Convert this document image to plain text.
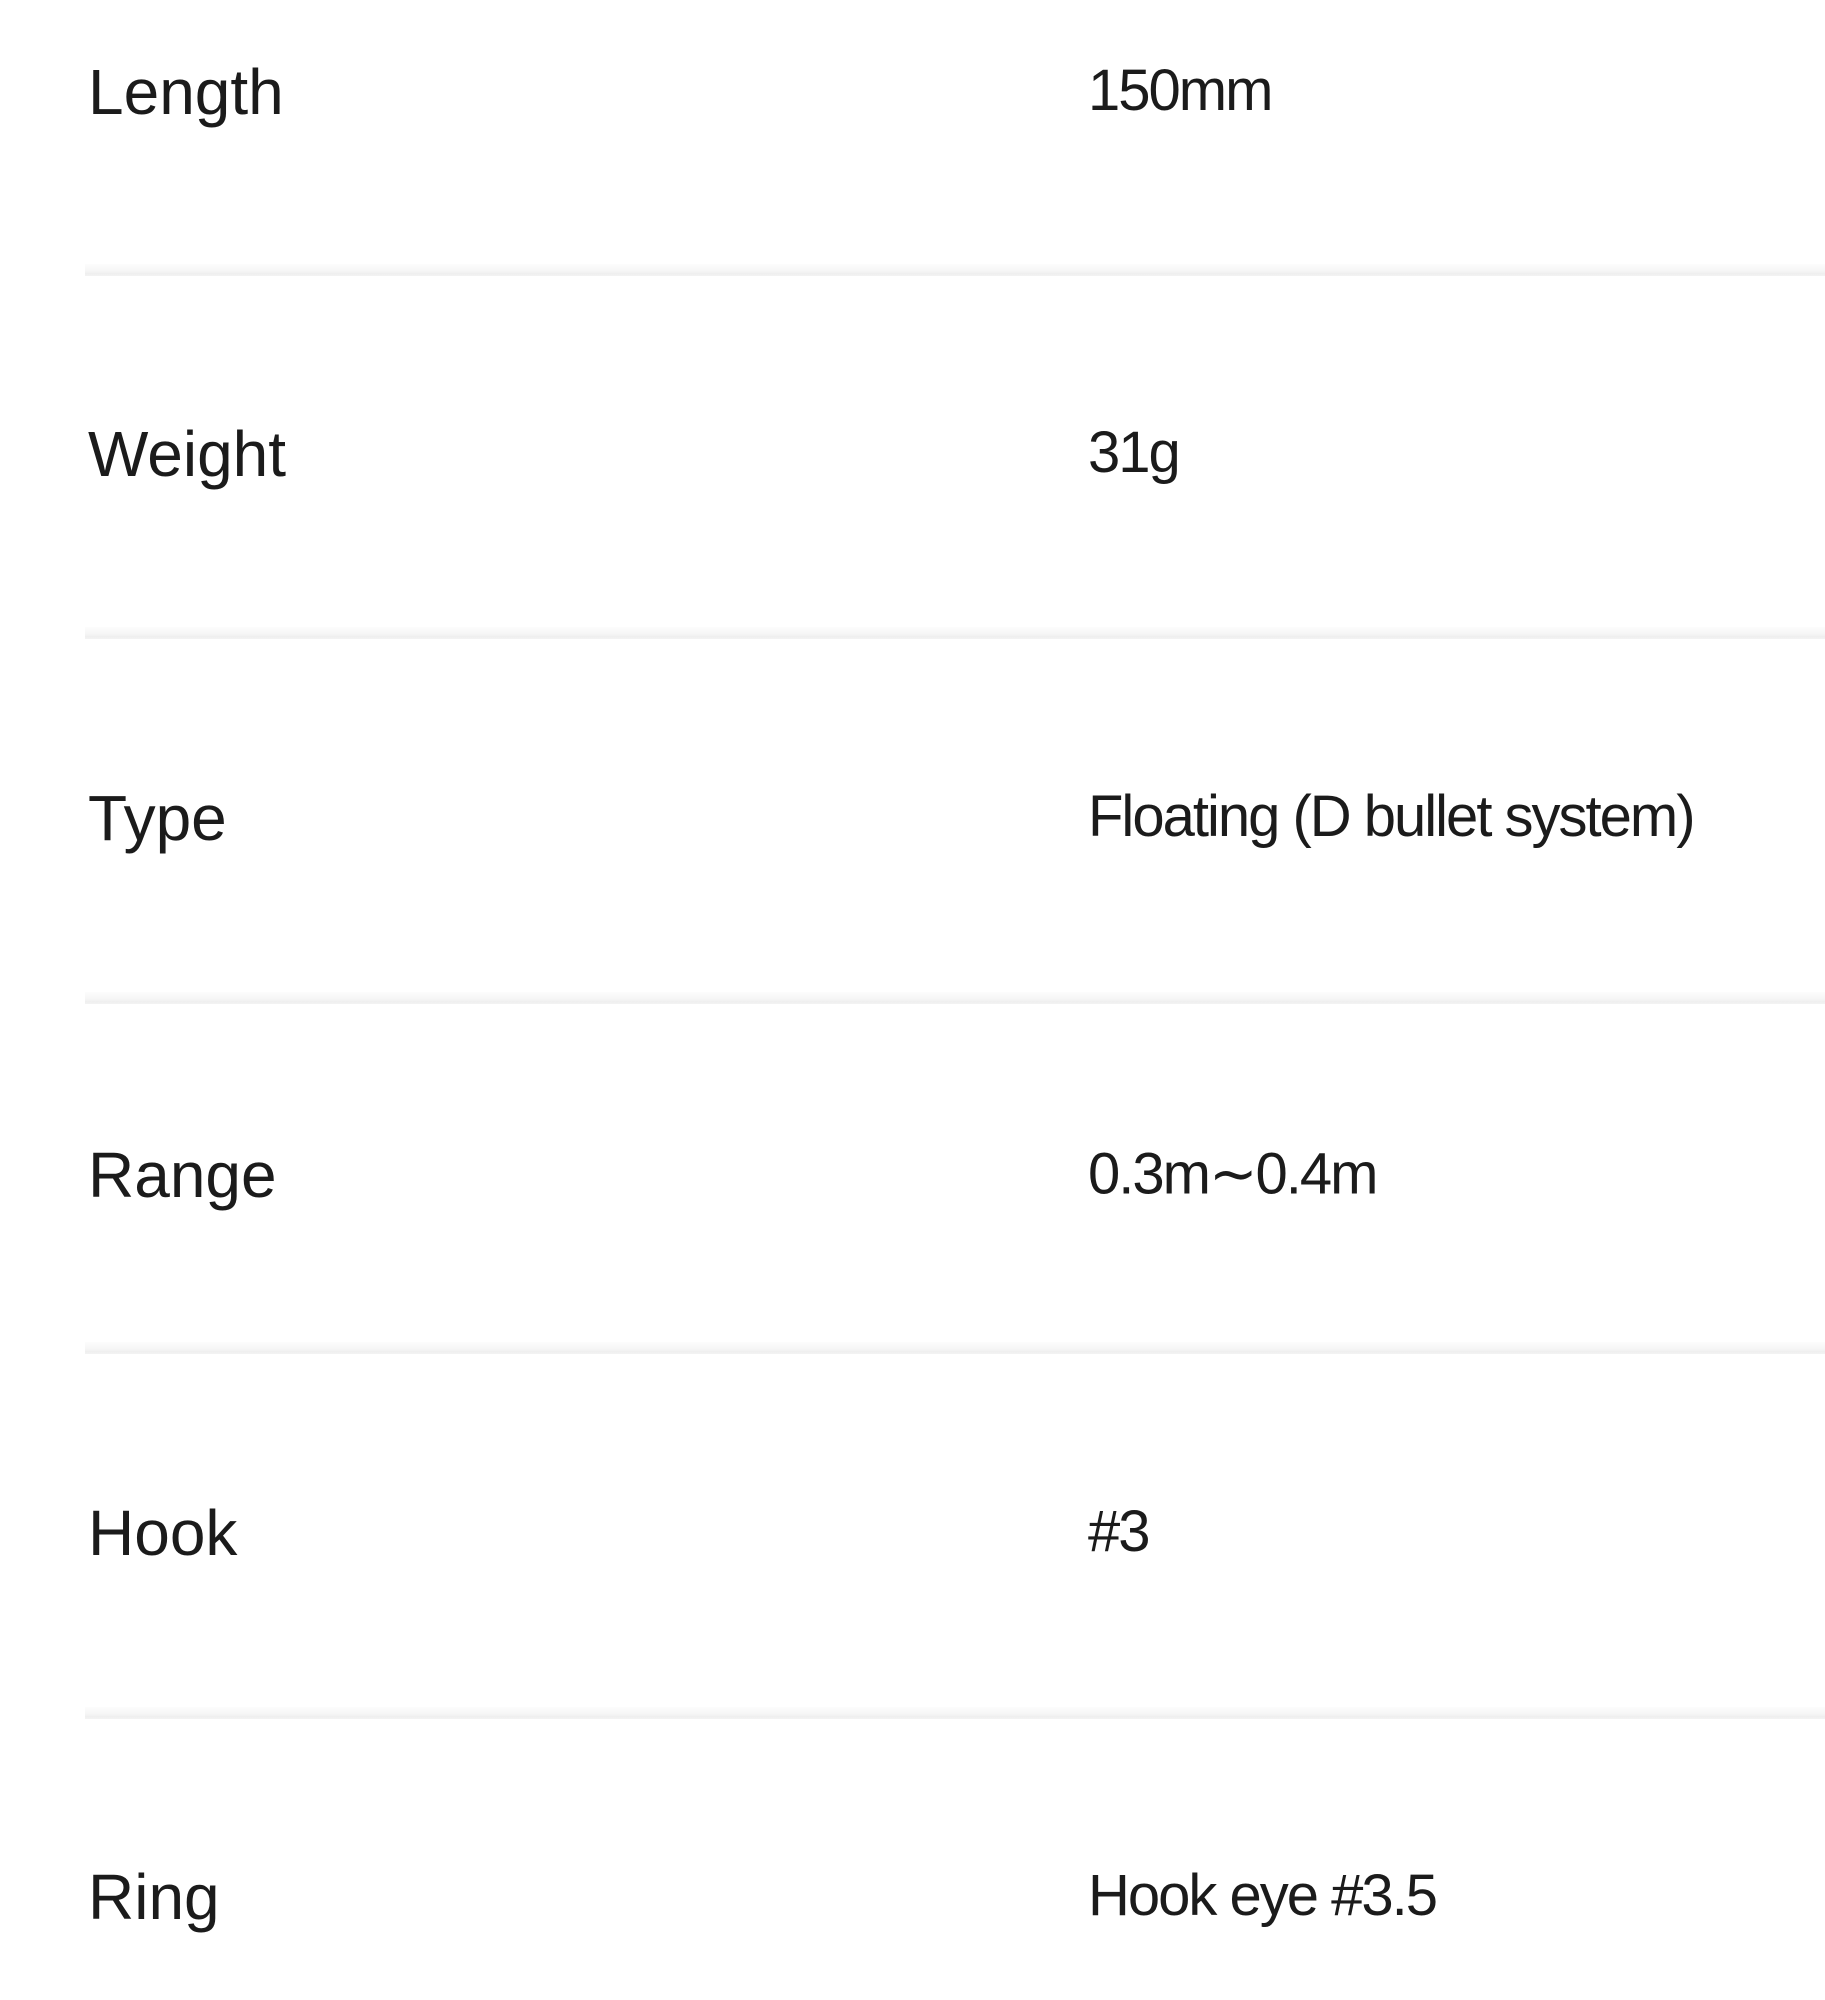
Length	150mm
Weight	31g
Type	Floating (D bullet system)
Range	0.3m∼0.4m
Hook	#3
Ring	Hook eye #3.5
